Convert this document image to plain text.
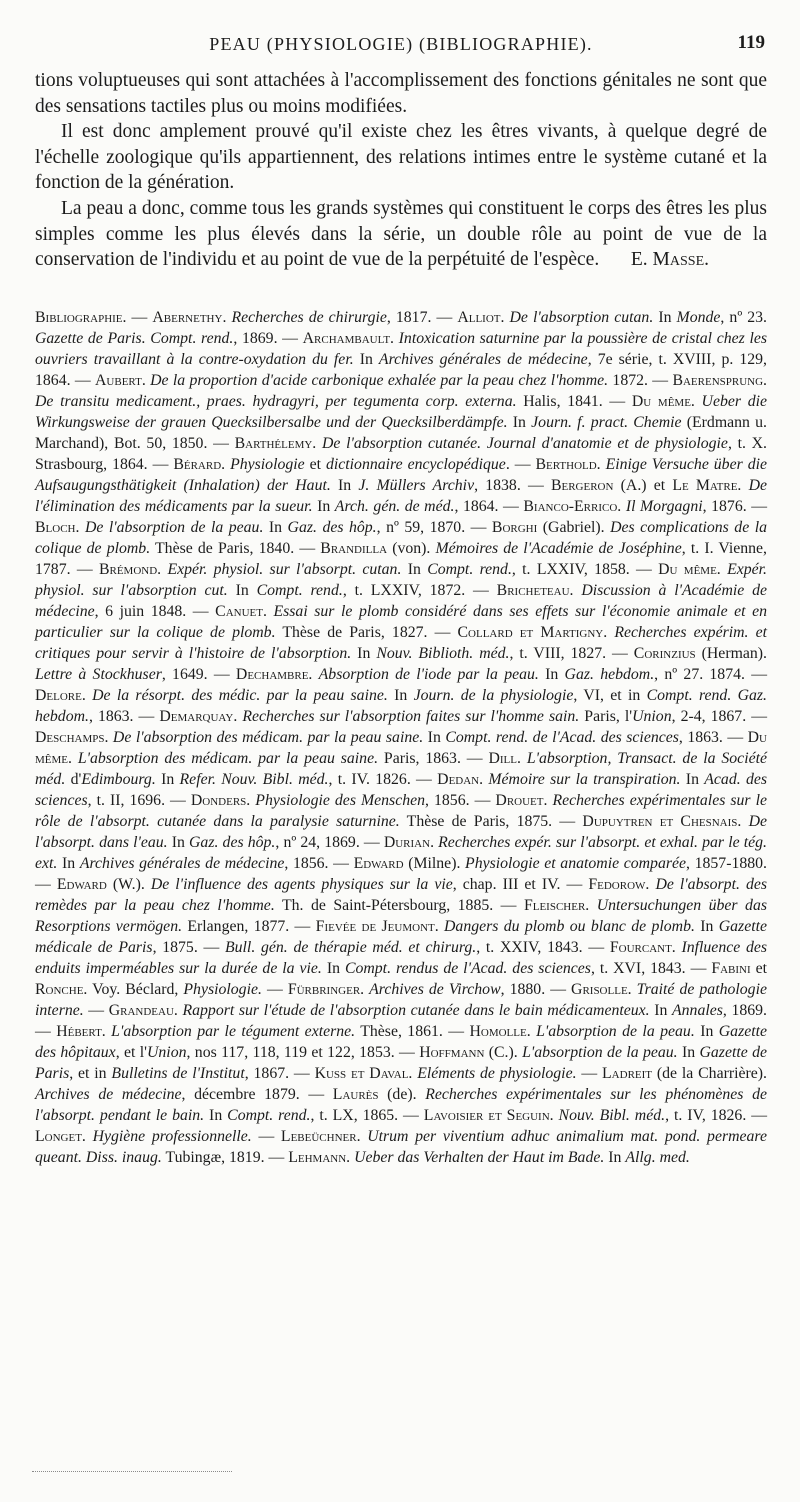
PEAU (PHYSIOLOGIE) (BIBLIOGRAPHIE).	119

tions voluptueuses qui sont attachées à l'accomplissement des fonctions génitales ne sont que des sensations tactiles plus ou moins modifiées.

Il est donc amplement prouvé qu'il existe chez les êtres vivants, à quelque degré de l'échelle zoologique qu'ils appartiennent, des relations intimes entre le système cutané et la fonction de la génération.

La peau a donc, comme tous les grands systèmes qui constituent le corps des êtres les plus simples comme les plus élevés dans la série, un double rôle au point de vue de la conservation de l'individu et au point de vue de la perpétuité de l'espèce.	E. Masse.

Bibliographie. — Abernethy. Recherches de chirurgie, 1817. — Alliot. De l'absorption cutan. In Monde, nº 23. Gazette de Paris. Compt. rend., 1869. — Archambault. Intoxication saturnine par la poussière de cristal chez les ouvriers travaillant à la contre-oxydation du fer. In Archives générales de médecine, 7e série, t. XVIII, p. 129, 1864. — Aubert. De la proportion d'acide carbonique exhalée par la peau chez l'homme. 1872. — Baerensprung. De transitu medicament., praes. hydragyri, per tegumenta corp. externa. Halis, 1841. — Du même. Ueber die Wirkungsweise der grauen Quecksilbersalbe und der Quecksilberdämpfe. In Journ. f. pract. Chemie (Erdmann u. Marchand), Bot. 50, 1850. — Barthélemy. De l'absorption cutanée. Journal d'anatomie et de physiologie, t. X. Strasbourg, 1864. — Bérard. Physiologie et dictionnaire encyclopédique. — Berthold. Einige Versuche über die Aufsaugungsthätigkeit (Inhalation) der Haut. In J. Müllers Archiv, 1838. — Bergeron (A.) et Le Matre. De l'élimination des médicaments par la sueur. In Arch. gén. de méd., 1864. — Bianco-Errico. Il Morgagni, 1876. — Bloch. De l'absorption de la peau. In Gaz. des hôp., nº 59, 1870. — Borghi (Gabriel). Des complications de la colique de plomb. Thèse de Paris, 1840. — Brandilla (von). Mémoires de l'Académie de Joséphine, t. I. Vienne, 1787. — Brémond. Expér. physiol. sur l'absorpt. cutan. In Compt. rend., t. LXXIV, 1858. — Du même. Expér. physiol. sur l'absorption cut. In Compt. rend., t. LXXIV, 1872. — Bricheteau. Discussion à l'Académie de médecine, 6 juin 1848. — Canuet. Essai sur le plomb considéré dans ses effets sur l'économie animale et en particulier sur la colique de plomb. Thèse de Paris, 1827. — Collard et Martigny. Recherches expérim. et critiques pour servir à l'histoire de l'absorption. In Nouv. Biblioth. méd., t. VIII, 1827. — Corinzius (Herman). Lettre à Stockhuser, 1649. — Dechambre. Absorption de l'iode par la peau. In Gaz. hebdom., nº 27. 1874. — Delore. De la résorpt. des médic. par la peau saine. In Journ. de la physiologie, VI, et in Compt. rend. Gaz. hebdom., 1863. — Demarquay. Recherches sur l'absorption faites sur l'homme sain. Paris, l'Union, 2-4, 1867. — Deschamps. De l'absorption des médicam. par la peau saine. In Compt. rend. de l'Acad. des sciences, 1863. — Du même. L'absorption des médicam. par la peau saine. Paris, 1863. — Dill. L'absorption, Transact. de la Société méd. d'Edimbourg. In Refer. Nouv. Bibl. méd., t. IV. 1826. — Dedan. Mémoire sur la transpiration. In Acad. des sciences, t. II, 1696. — Donders. Physiologie des Menschen, 1856. — Drouet. Recherches expérimentales sur le rôle de l'absorpt. cutanée dans la paralysie saturnine. Thèse de Paris, 1875. — Dupuytren et Chesnais. De l'absorpt. dans l'eau. In Gaz. des hôp., nº 24, 1869. — Durian. Recherches expér. sur l'absorpt. et exhal. par le tég. ext. In Archives générales de médecine, 1856. — Edward (Milne). Physiologie et anatomie comparée, 1857-1880. — Edward (W.). De l'influence des agents physiques sur la vie, chap. III et IV. — Fedorow. De l'absorpt. des remèdes par la peau chez l'homme. Th. de Saint-Pétersbourg, 1885. — Fleischer. Untersuchungen über das Resorptions vermögen. Erlangen, 1877. — Fievée de Jeumont. Dangers du plomb ou blanc de plomb. In Gazette médicale de Paris, 1875. — Bull. gén. de thérapie méd. et chirurg., t. XXIV, 1843. — Fourcant. Influence des enduits imperméables sur la durée de la vie. In Compt. rendus de l'Acad. des sciences, t. XVI, 1843. — Fabini et Ronche. Voy. Béclard, Physiologie. — Fürbringer. Archives de Virchow, 1880. — Grisolle. Traité de pathologie interne. — Grandeau. Rapport sur l'étude de l'absorption cutanée dans le bain médicamenteux. In Annales, 1869. — Hébert. L'absorption par le tégument externe. Thèse, 1861. — Homolle. L'absorption de la peau. In Gazette des hôpitaux, et l'Union, nos 117, 118, 119 et 122, 1853. — Hoffmann (C.). L'absorption de la peau. In Gazette de Paris, et in Bulletins de l'Institut, 1867. — Kuss et Daval. Eléments de physiologie. — Ladreit (de la Charrière). Archives de médecine, décembre 1879. — Laurès (de). Recherches expérimentales sur les phénomènes de l'absorpt. pendant le bain. In Compt. rend., t. LX, 1865. — Lavoisier et Seguin. Nouv. Bibl. méd., t. IV, 1826. — Longet. Hygiène professionnelle. — Lebeüchner. Utrum per viventium adhuc animalium mat. pond. permeare queant. Diss. inaug. Tubingæ, 1819. — Lehmann. Ueber das Verhalten der Haut im Bade. In Allg. med.
